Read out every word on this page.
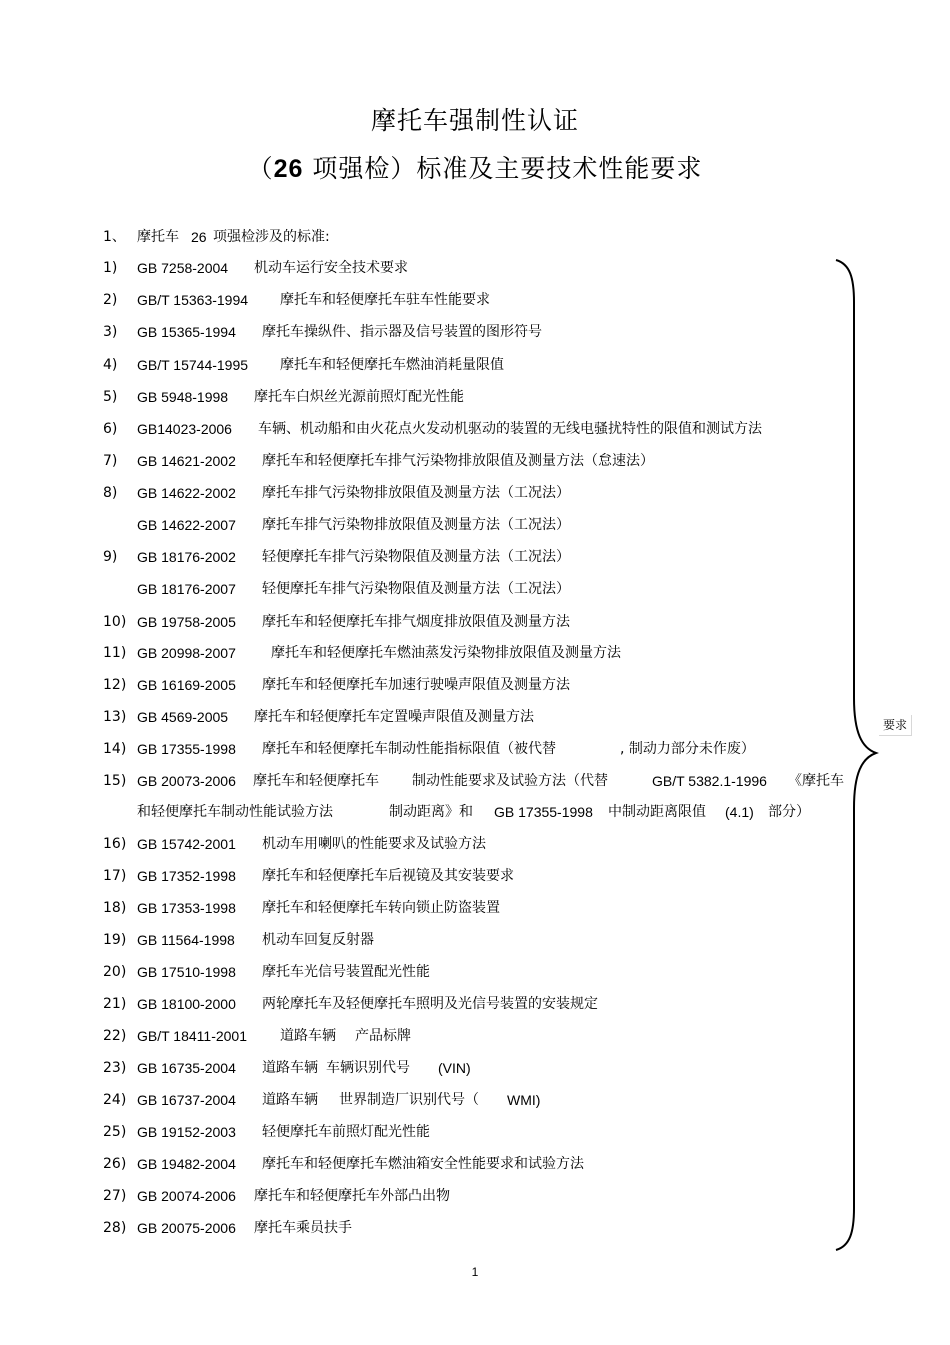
摩托车强制性认证
（26 项强检）标准及主要技术性能要求
1、 摩托车 26 项强检涉及的标准:
1) GB 7258-2004 机动车运行安全技术要求
2) GB/T 15363-1994 摩托车和轻便摩托车驻车性能要求
3) GB 15365-1994 摩托车操纵件、指示器及信号装置的图形符号
4) GB/T 15744-1995 摩托车和轻便摩托车燃油消耗量限值
5) GB 5948-1998 摩托车白炽丝光源前照灯配光性能
6) GB14023-2006 车辆、机动船和由火花点火发动机驱动的装置的无线电骚扰特性的限值和测试方法
7) GB 14621-2002 摩托车和轻便摩托车排气污染物排放限值及测量方法（怠速法）
8) GB 14622-2002 摩托车排气污染物排放限值及测量方法（工况法）
GB 14622-2007 摩托车排气污染物排放限值及测量方法（工况法）
9) GB 18176-2002 轻便摩托车排气污染物限值及测量方法（工况法）
GB 18176-2007 轻便摩托车排气污染物限值及测量方法（工况法）
10) GB 19758-2005 摩托车和轻便摩托车排气烟度排放限值及测量方法
11) GB 20998-2007	摩托车和轻便摩托车燃油蒸发污染物排放限值及测量方法
12) GB 16169-2005 摩托车和轻便摩托车加速行驶噪声限值及测量方法
13) GB 4569-2005 摩托车和轻便摩托车定置噪声限值及测量方法
14) GB 17355-1998 摩托车和轻便摩托车制动性能指标限值（被代替	, 制动力部分未作废）
15) GB 20073-2006 摩托车和轻便摩托车 制动性能要求及试验方法（代替	GB/T 5382.1-1996 《摩托车
和轻便摩托车制动性能试验方法	制动距离》和 GB 17355-1998 中制动距离限值 (4.1) 部分）
16) GB 15742-2001 机动车用喇叭的性能要求及试验方法
17) GB 17352-1998 摩托车和轻便摩托车后视镜及其安装要求
18) GB 17353-1998 摩托车和轻便摩托车转向锁止防盗装置
19) GB 11564-1998 机动车回复反射器
20) GB 17510-1998 摩托车光信号装置配光性能
21) GB 18100-2000 两轮摩托车及轻便摩托车照明及光信号装置的安装规定
22) GB/T 18411-2001 道路车辆 产品标牌
23) GB 16735-2004 道路车辆 车辆识别代号 (VIN)
24) GB 16737-2004 道路车辆 世界制造厂识别代号（ WMI)
25) GB 19152-2003 轻便摩托车前照灯配光性能
26) GB 19482-2004 摩托车和轻便摩托车燃油箱安全性能要求和试验方法
27) GB 20074-2006 摩托车和轻便摩托车外部凸出物
28) GB 20075-2006 摩托车乘员扶手
要求
1
